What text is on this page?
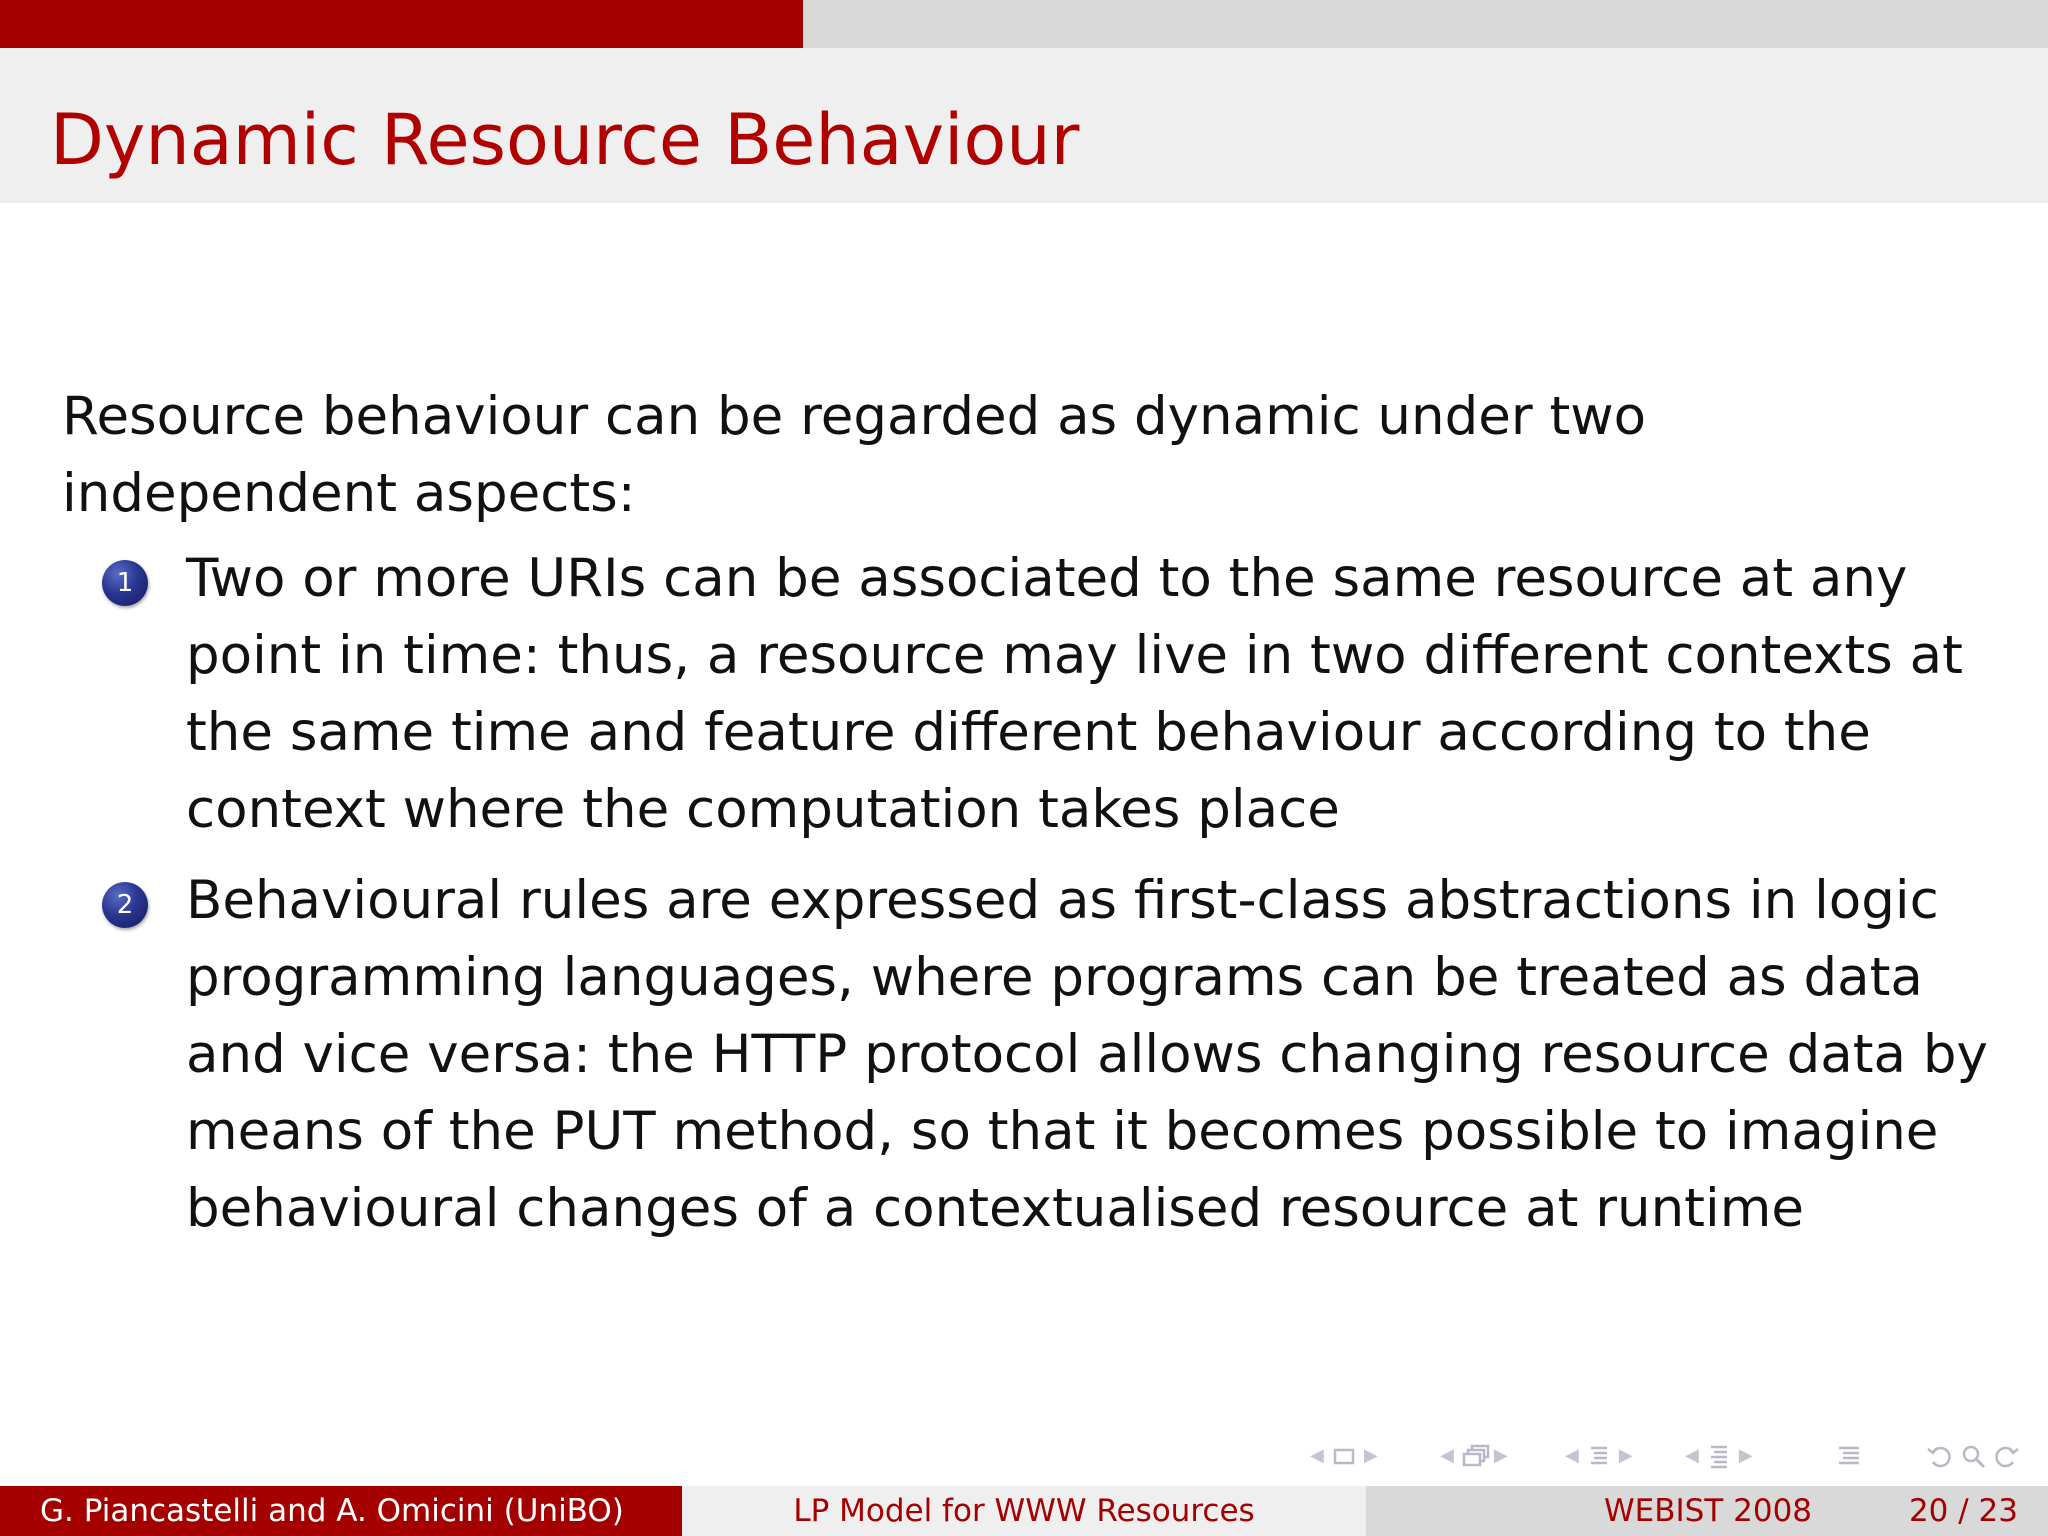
Dynamic Resource Behaviour

Resource behaviour can be regarded as dynamic under two independent aspects:

1 Two or more URIs can be associated to the same resource at any point in time: thus, a resource may live in two different contexts at the same time and feature different behaviour according to the context where the computation takes place
2 Behavioural rules are expressed as first-class abstractions in logic programming languages, where programs can be treated as data and vice versa: the HTTP protocol allows changing resource data by means of the PUT method, so that it becomes possible to imagine behavioural changes of a contextualised resource at runtime
◀ ▶	◀ ▶	◀ ▶	◀ ▶
G. Piancastelli and A. Omicini (UniBO)	LP Model for WWW Resources	WEBIST 2008	20 / 23
